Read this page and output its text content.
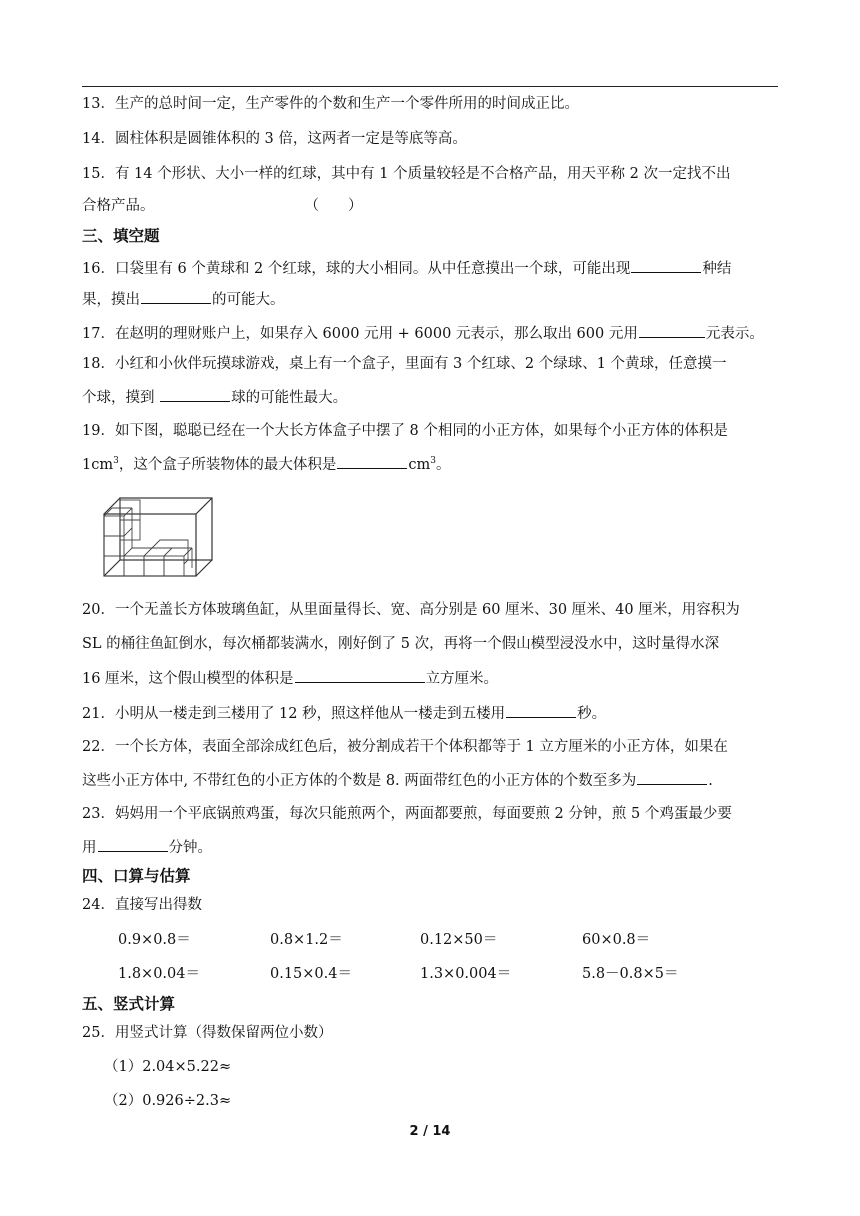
13．生产的总时间一定，生产零件的个数和生产一个零件所用的时间成正比。
14．圆柱体积是圆锥体积的 3 倍，这两者一定是等底等高。
15．有 14 个形状、大小一样的红球，其中有 1 个质量较轻是不合格产品，用天平称 2 次一定找不出
合格产品。	（　　）
三、填空题
16．口袋里有 6 个黄球和 2 个红球，球的大小相同。从中任意摸出一个球，可能出现	种结
果，摸出	的可能大。
17．在赵明的理财账户上，如果存入 6000 元用 + 6000 元表示，那么取出 600 元用	元表示。
18．小红和小伙伴玩摸球游戏，桌上有一个盒子，里面有 3 个红球、2 个绿球、1 个黄球，任意摸一
个球，摸到	球的可能性最大。
19．如下图，聪聪已经在一个大长方体盒子中摆了 8 个相同的小正方体，如果每个小正方体的体积是
$1cm^3$，这个盒子所装物体的最大体积是	$cm^3$。
20．一个无盖长方体玻璃鱼缸，从里面量得长、宽、高分别是 60 厘米、30 厘米、40 厘米，用容积为
SL 的桶往鱼缸倒水，每次桶都装满水，刚好倒了 5 次，再将一个假山模型浸没水中，这时量得水深
16 厘米，这个假山模型的体积是	立方厘米。
21．小明从一楼走到三楼用了 12 秒，照这样他从一楼走到五楼用	秒。
22．一个长方体，表面全部涂成红色后，被分割成若干个体积都等于 1 立方厘米的小正方体，如果在
这些小正方体中, 不带红色的小正方体的个数是 8. 两面带红色的小正方体的个数至多为	.
23．妈妈用一个平底锅煎鸡蛋，每次只能煎两个，两面都要煎，每面要煎 2 分钟，煎 5 个鸡蛋最少要
用	分钟。
四、口算与估算
24．直接写出得数
0.9×0.8＝	0.8×1.2＝	0.12×50＝	60×0.8＝
1.8×0.04＝	0.15×0.4＝	1.3×0.004＝	5.8－0.8×5＝
五、竖式计算
25．用竖式计算（得数保留两位小数）
（1）2.04×5.22≈
（2）0.926÷2.3≈
2 / 14
